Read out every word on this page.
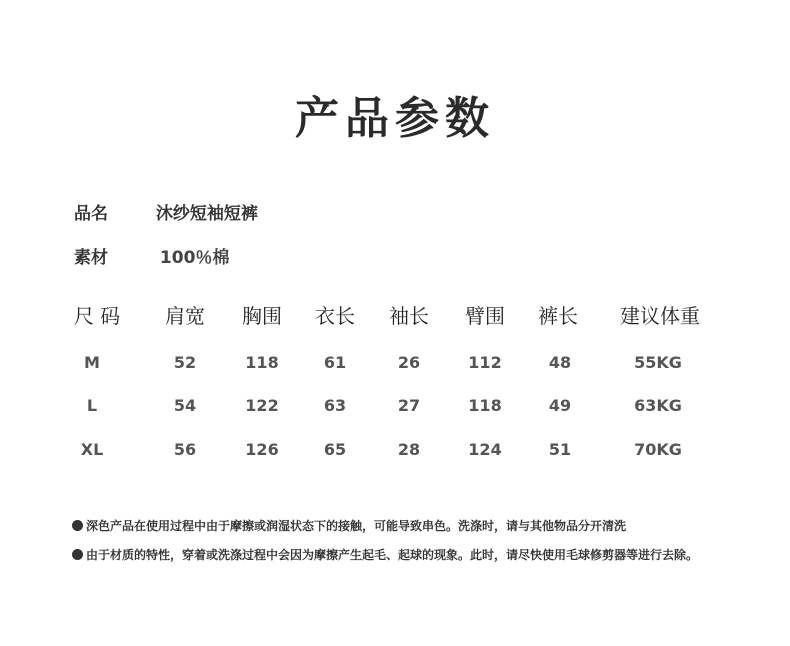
产品参数
品名	沐纱短袖短裤
素材	100％棉
尺 码	肩宽	胸围	衣长	袖长	臂围	裤长	建议体重
M	52	118	61	26	112	48	55KG
L	54	122	63	27	118	49	63KG
XL	56	126	65	28	124	51	70KG
深色产品在使用过程中由于摩擦或润湿状态下的接触，可能导致串色。洗涤时，请与其他物品分开清洗
由于材质的特性，穿着或洗涤过程中会因为摩擦产生起毛、起球的现象。此时，请尽快使用毛球修剪器等进行去除。
